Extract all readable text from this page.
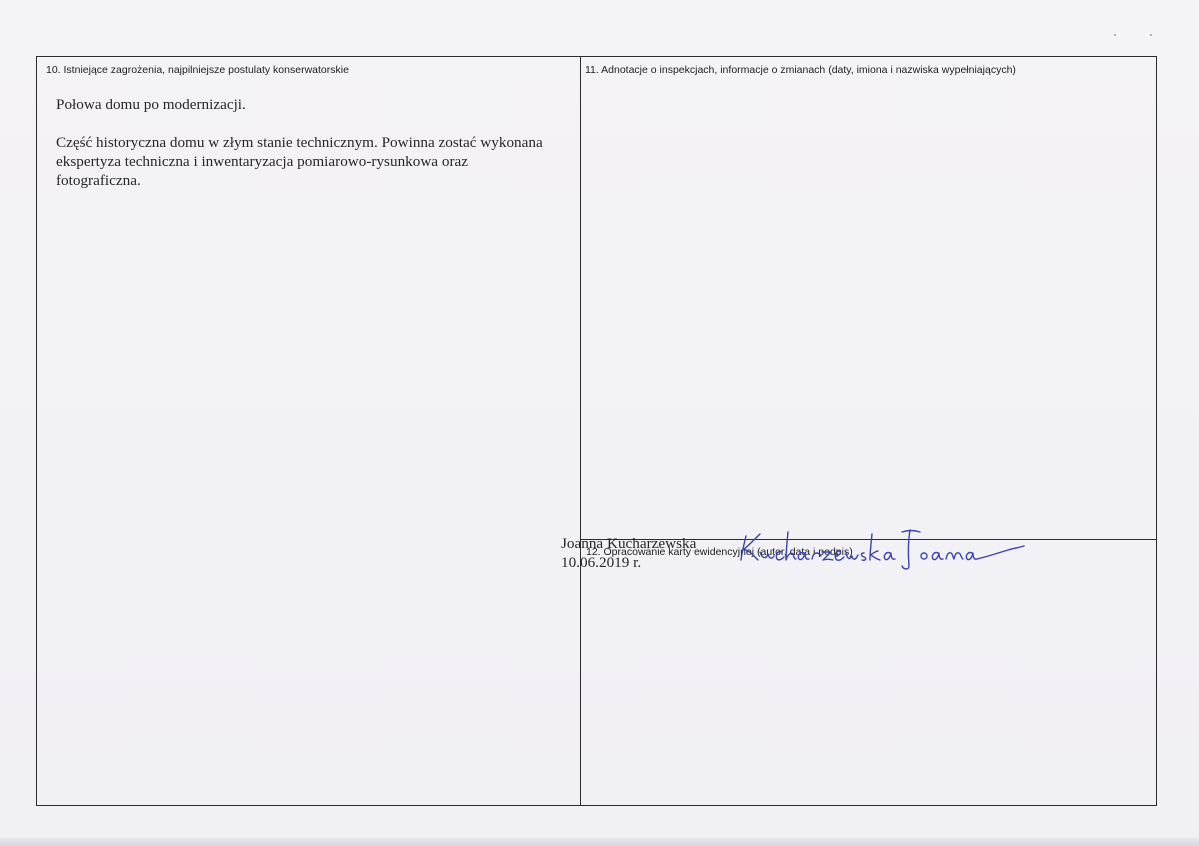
10. Istniejące zagrożenia, najpilniejsze postulaty konserwatorskie

Połowa domu po modernizacji.

Część historyczna domu w złym stanie technicznym. Powinna zostać wykonana ekspertyza techniczna i inwentaryzacja pomiarowo-rysunkowa oraz fotograficzna.

11. Adnotacje o inspekcjach, informacje o zmianach (daty, imiona i nazwiska wypełniających)
12. Opracowanie karty ewidencyjnej (autor, data i podpis)
Joanna Kucharzewska
10.06.2019 r.
